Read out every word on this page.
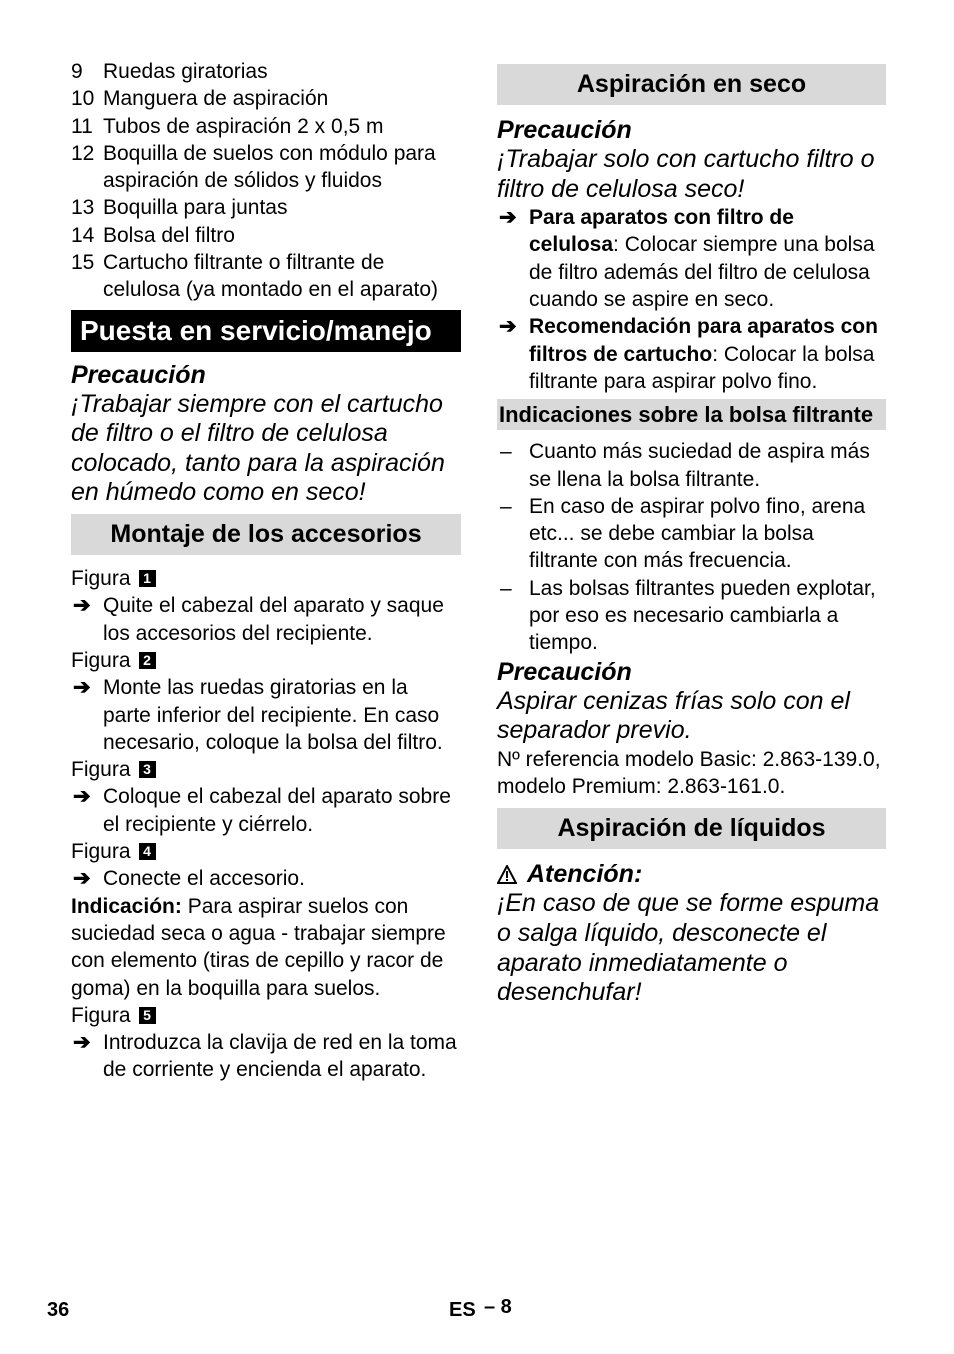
9 Ruedas giratorias
10 Manguera de aspiración
11 Tubos de aspiración 2 x 0,5 m
12 Boquilla de suelos con módulo para aspiración de sólidos y fluidos
13 Boquilla para juntas
14 Bolsa del filtro
15 Cartucho filtrante o filtrante de celulosa (ya montado en el aparato)
Puesta en servicio/manejo
Precaución
¡Trabajar siempre con el cartucho de filtro o el filtro de celulosa colocado, tanto para la aspiración en húmedo como en seco!
Montaje de los accesorios
Figura 1
➔ Quite el cabezal del aparato y saque los accesorios del recipiente.
Figura 2
➔ Monte las ruedas giratorias en la parte inferior del recipiente. En caso necesario, coloque la bolsa del filtro.
Figura 3
➔ Coloque el cabezal del aparato sobre el recipiente y ciérrelo.
Figura 4
➔ Conecte el accesorio.
Indicación: Para aspirar suelos con suciedad seca o agua - trabajar siempre con elemento (tiras de cepillo y racor de goma) en la boquilla para suelos.
Figura 5
➔ Introduzca la clavija de red en la toma de corriente y encienda el aparato.
Aspiración en seco
Precaución
¡Trabajar solo con cartucho filtro o filtro de celulosa seco!
➔ Para aparatos con filtro de celulosa: Colocar siempre una bolsa de filtro además del filtro de celulosa cuando se aspire en seco.
➔ Recomendación para aparatos con filtros de cartucho: Colocar la bolsa filtrante para aspirar polvo fino.
Indicaciones sobre la bolsa filtrante
– Cuanto más suciedad de aspira más se llena la bolsa filtrante.
– En caso de aspirar polvo fino, arena etc... se debe cambiar la bolsa filtrante con más frecuencia.
– Las bolsas filtrantes pueden explotar, por eso es necesario cambiarla a tiempo.
Precaución
Aspirar cenizas frías solo con el separador previo.
Nº referencia modelo Basic: 2.863-139.0, modelo Premium: 2.863-161.0.
Aspiración de líquidos
Atención:
¡En caso de que se forme espuma o salga líquido, desconecte el aparato inmediatamente o desenchufar!
36	ES – 8
